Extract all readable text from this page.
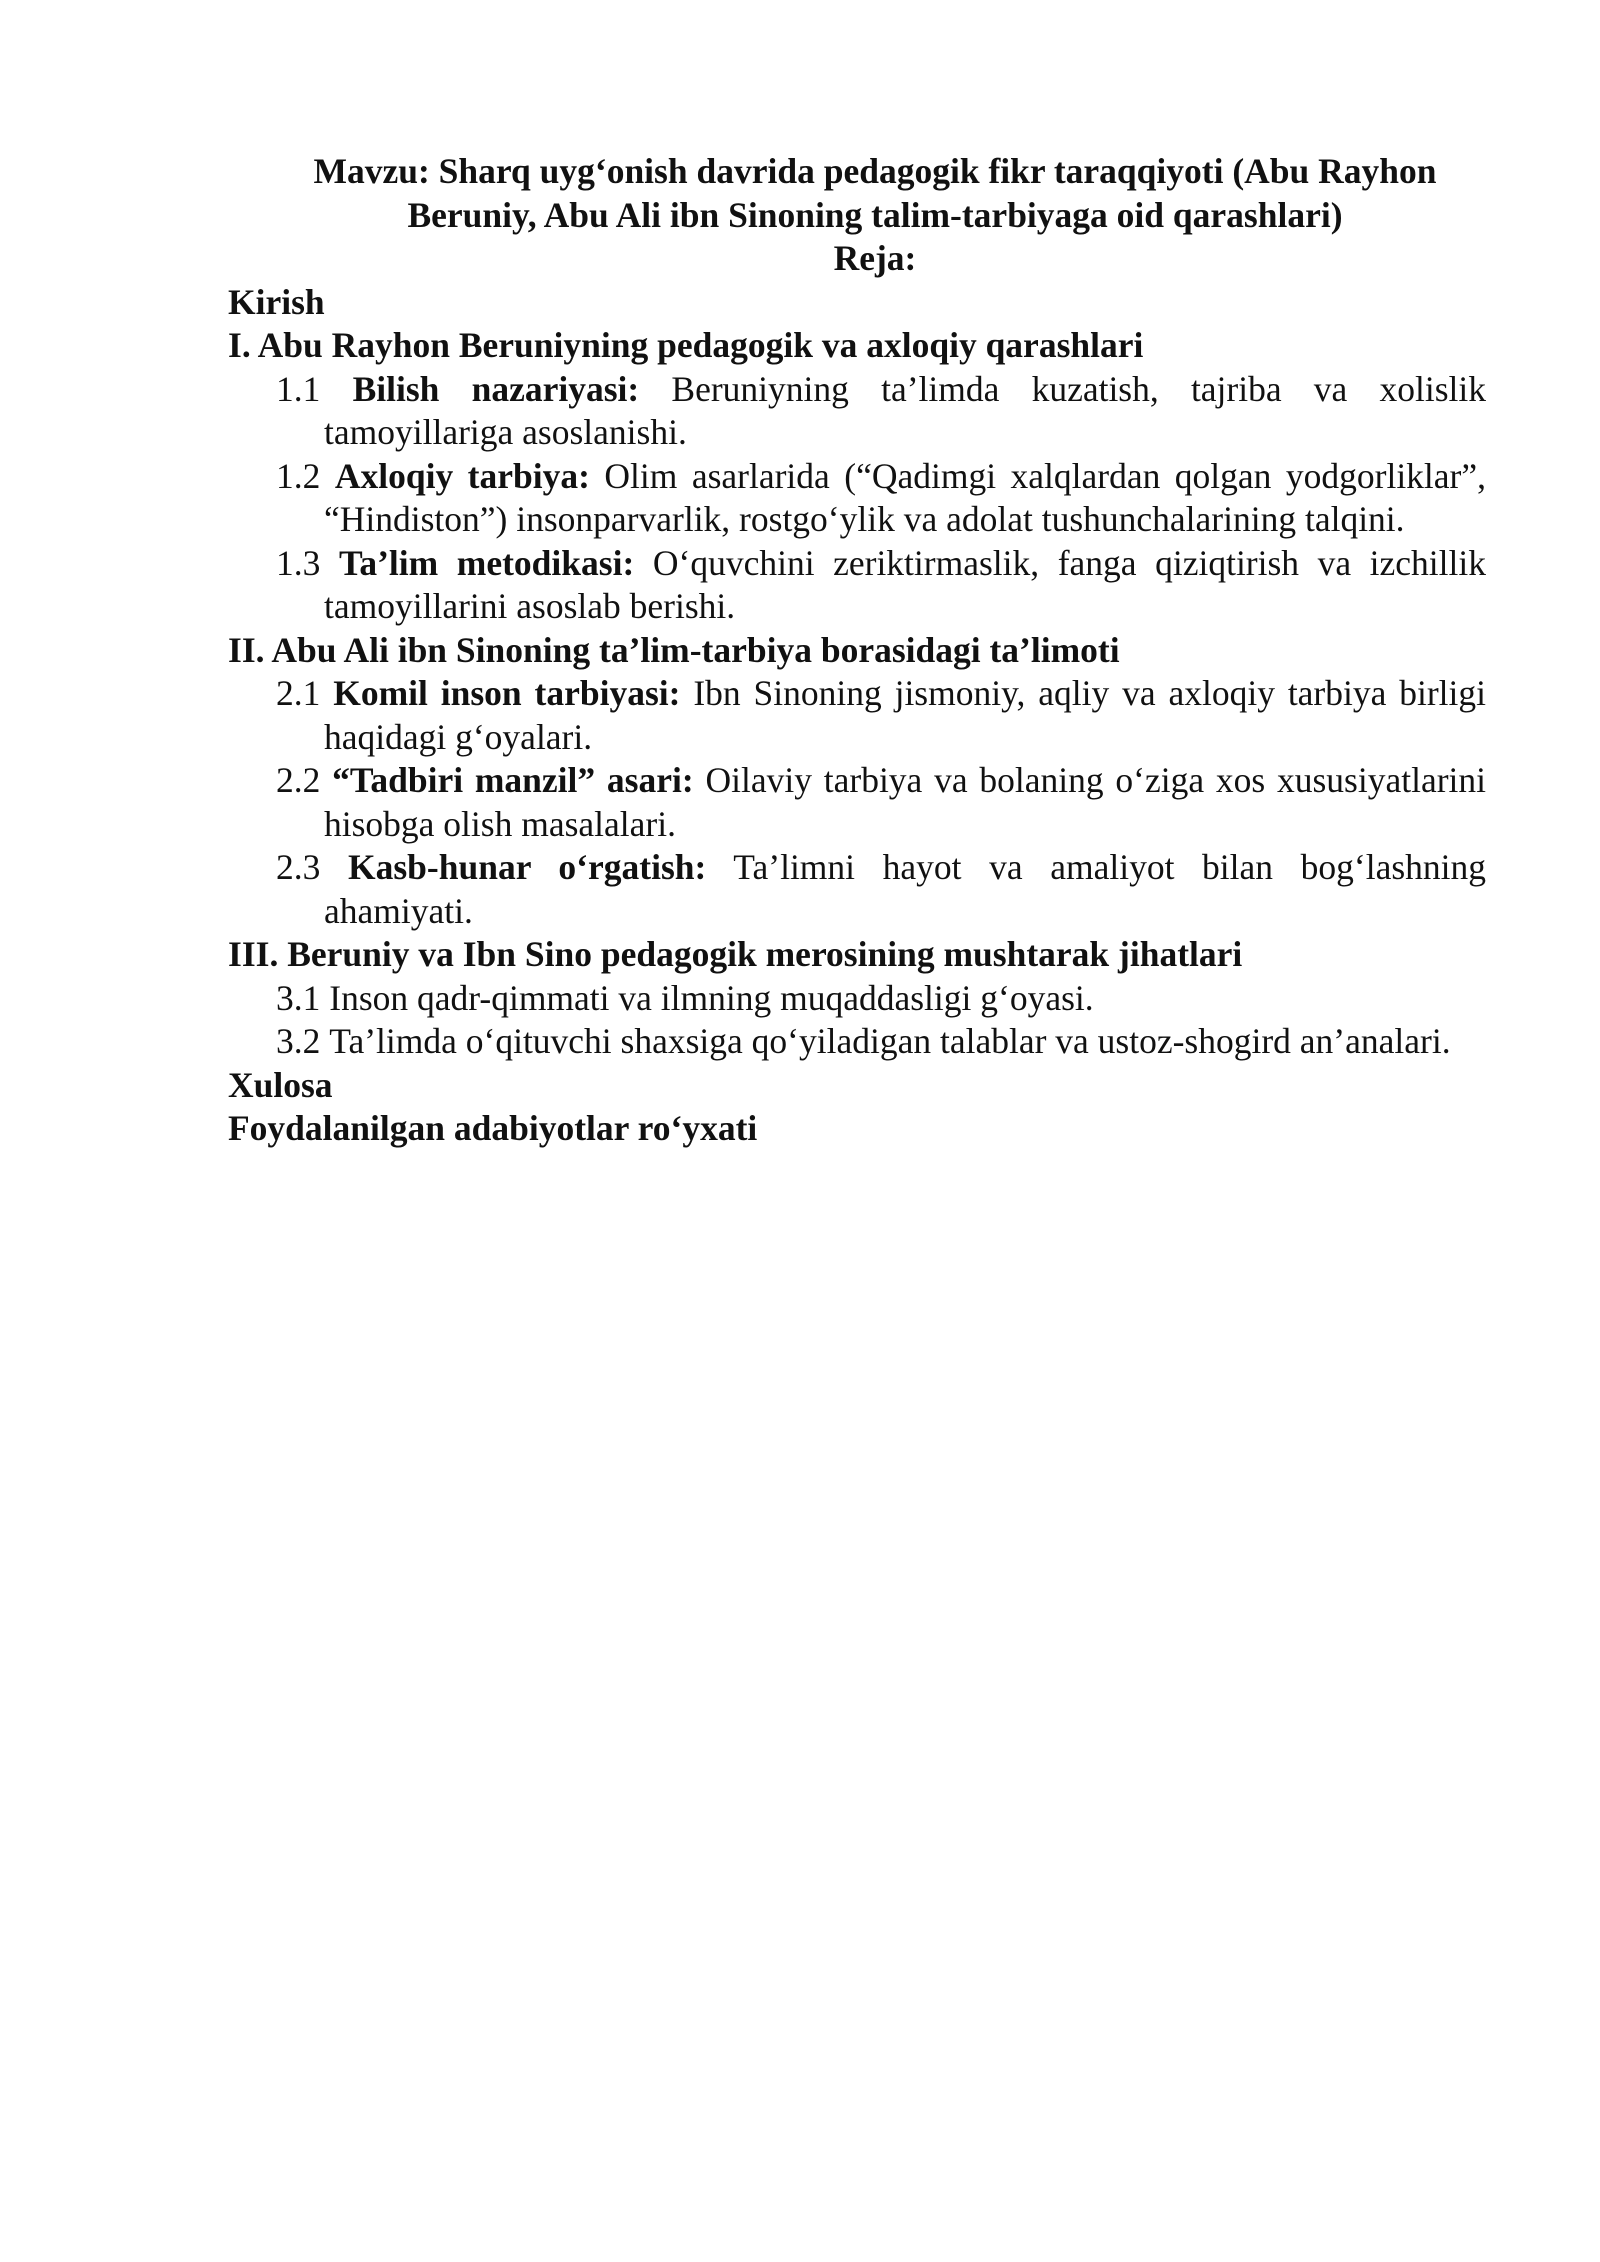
Mavzu: Sharq uyg‘onish davrida pedagogik fikr taraqqiyoti (Abu Rayhon
Beruniy, Abu Ali ibn Sinoning talim-tarbiyaga oid qarashlari)
Reja:
Kirish
I. Abu Rayhon Beruniyning pedagogik va axloqiy qarashlari
1.1 Bilish nazariyasi: Beruniyning ta’limda kuzatish, tajriba va xolislik tamoyillariga asoslanishi.
1.2 Axloqiy tarbiya: Olim asarlarida (“Qadimgi xalqlardan qolgan yodgorliklar”, “Hindiston”) insonparvarlik, rostgo‘ylik va adolat tushunchalarining talqini.
1.3 Ta’lim metodikasi: O‘quvchini zeriktirmaslik, fanga qiziqtirish va izchillik tamoyillarini asoslab berishi.
II. Abu Ali ibn Sinoning ta’lim-tarbiya borasidagi ta’limoti
2.1 Komil inson tarbiyasi: Ibn Sinoning jismoniy, aqliy va axloqiy tarbiya birligi haqidagi g‘oyalari.
2.2 “Tadbiri manzil” asari: Oilaviy tarbiya va bolaning o‘ziga xos xususiyatlarini hisobga olish masalalari.
2.3 Kasb-hunar o‘rgatish: Ta’limni hayot va amaliyot bilan bog‘lashning ahamiyati.
III. Beruniy va Ibn Sino pedagogik merosining mushtarak jihatlari
3.1 Inson qadr-qimmati va ilmning muqaddasligi g‘oyasi.
3.2 Ta’limda o‘qituvchi shaxsiga qo‘yiladigan talablar va ustoz-shogird an’analari.
Xulosa
Foydalanilgan adabiyotlar ro‘yxati
